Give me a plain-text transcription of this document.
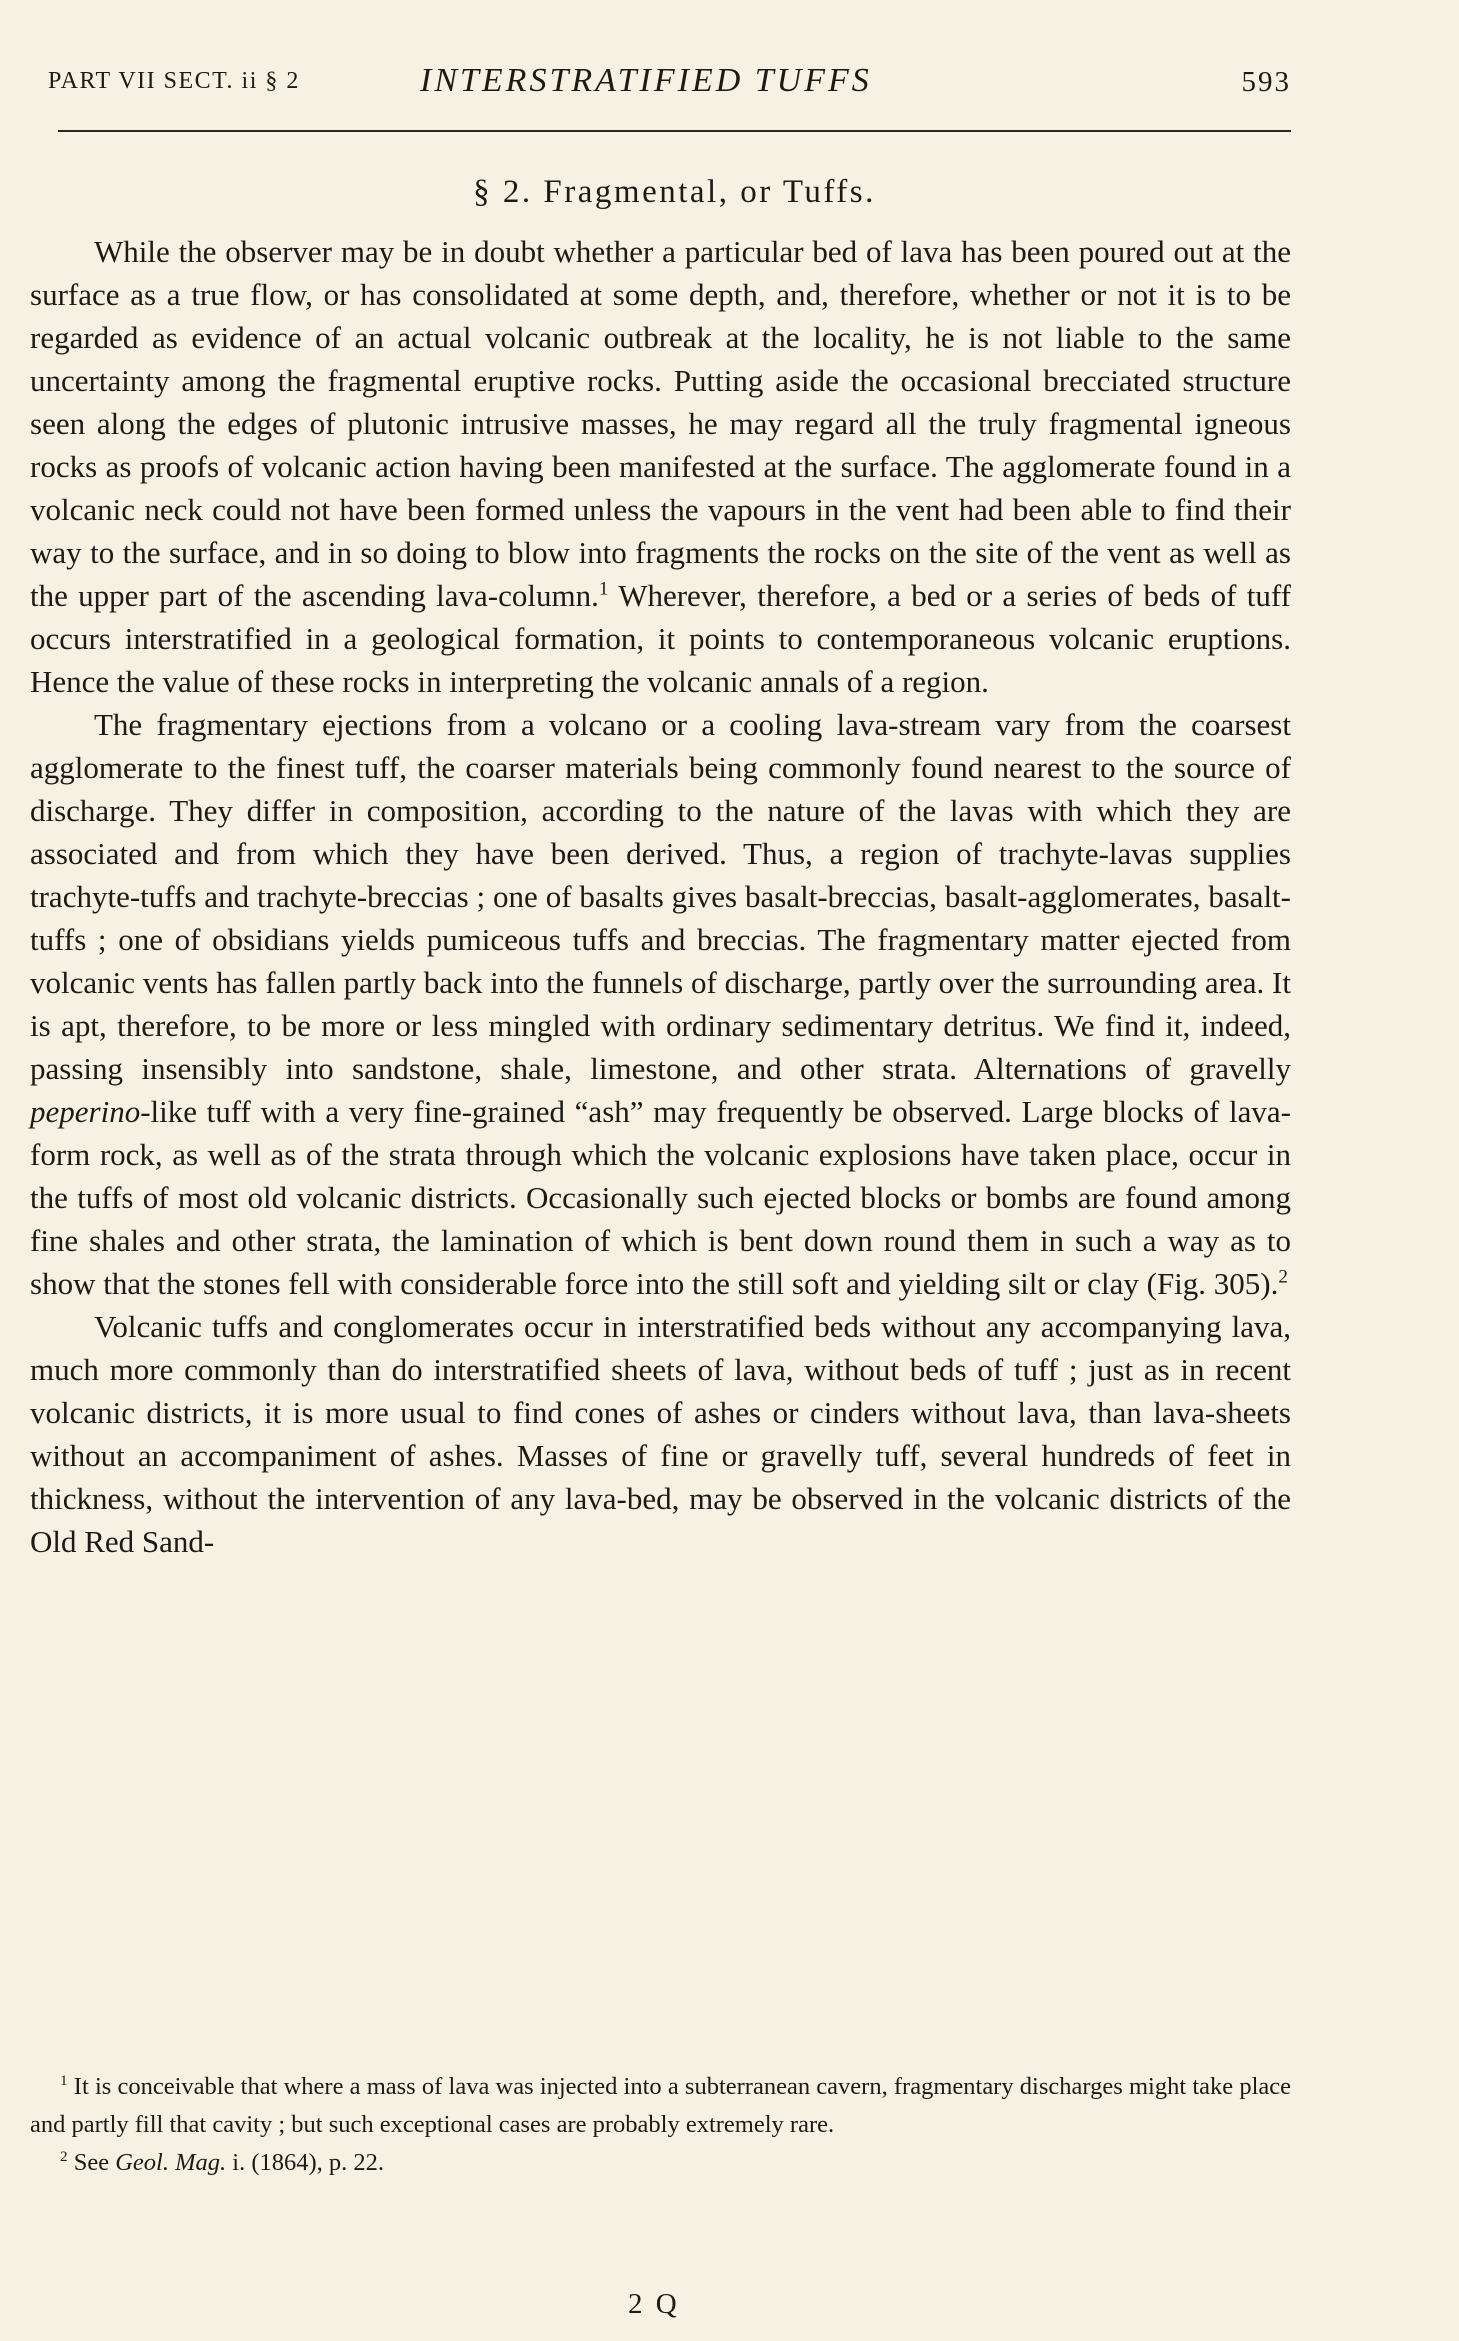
PART VII SECT. ii § 2	INTERSTRATIFIED TUFFS	593
§ 2. Fragmental, or Tuffs.

While the observer may be in doubt whether a particular bed of lava has been poured out at the surface as a true flow, or has consolidated at some depth, and, therefore, whether or not it is to be regarded as evidence of an actual volcanic outbreak at the locality, he is not liable to the same uncertainty among the fragmental eruptive rocks. Putting aside the occasional brecciated structure seen along the edges of plutonic intrusive masses, he may regard all the truly fragmental igneous rocks as proofs of volcanic action having been manifested at the surface. The agglomerate found in a volcanic neck could not have been formed unless the vapours in the vent had been able to find their way to the surface, and in so doing to blow into fragments the rocks on the site of the vent as well as the upper part of the ascending lava-column.$^1$ Wherever, therefore, a bed or a series of beds of tuff occurs interstratified in a geological formation, it points to contemporaneous volcanic eruptions. Hence the value of these rocks in interpreting the volcanic annals of a region.

The fragmentary ejections from a volcano or a cooling lava-stream vary from the coarsest agglomerate to the finest tuff, the coarser materials being commonly found nearest to the source of discharge. They differ in composition, according to the nature of the lavas with which they are associated and from which they have been derived. Thus, a region of trachyte-lavas supplies trachyte-tuffs and trachyte-breccias ; one of basalts gives basalt-breccias, basalt-agglomerates, basalt-tuffs ; one of obsidians yields pumiceous tuffs and breccias. The fragmentary matter ejected from volcanic vents has fallen partly back into the funnels of discharge, partly over the surrounding area. It is apt, therefore, to be more or less mingled with ordinary sedimentary detritus. We find it, indeed, passing insensibly into sandstone, shale, limestone, and other strata. Alternations of gravelly peperino-like tuff with a very fine-grained “ash” may frequently be observed. Large blocks of lava-form rock, as well as of the strata through which the volcanic explosions have taken place, occur in the tuffs of most old volcanic districts. Occasionally such ejected blocks or bombs are found among fine shales and other strata, the lamination of which is bent down round them in such a way as to show that the stones fell with considerable force into the still soft and yielding silt or clay (Fig. 305).$^2$

Volcanic tuffs and conglomerates occur in interstratified beds without any accompanying lava, much more commonly than do interstratified sheets of lava, without beds of tuff ; just as in recent volcanic districts, it is more usual to find cones of ashes or cinders without lava, than lava-sheets without an accompaniment of ashes. Masses of fine or gravelly tuff, several hundreds of feet in thickness, without the intervention of any lava-bed, may be observed in the volcanic districts of the Old Red Sand-

$^1$ It is conceivable that where a mass of lava was injected into a subterranean cavern, fragmentary discharges might take place and partly fill that cavity ; but such exceptional cases are probably extremely rare.

$^2$ See Geol. Mag. i. (1864), p. 22.

2 Q
